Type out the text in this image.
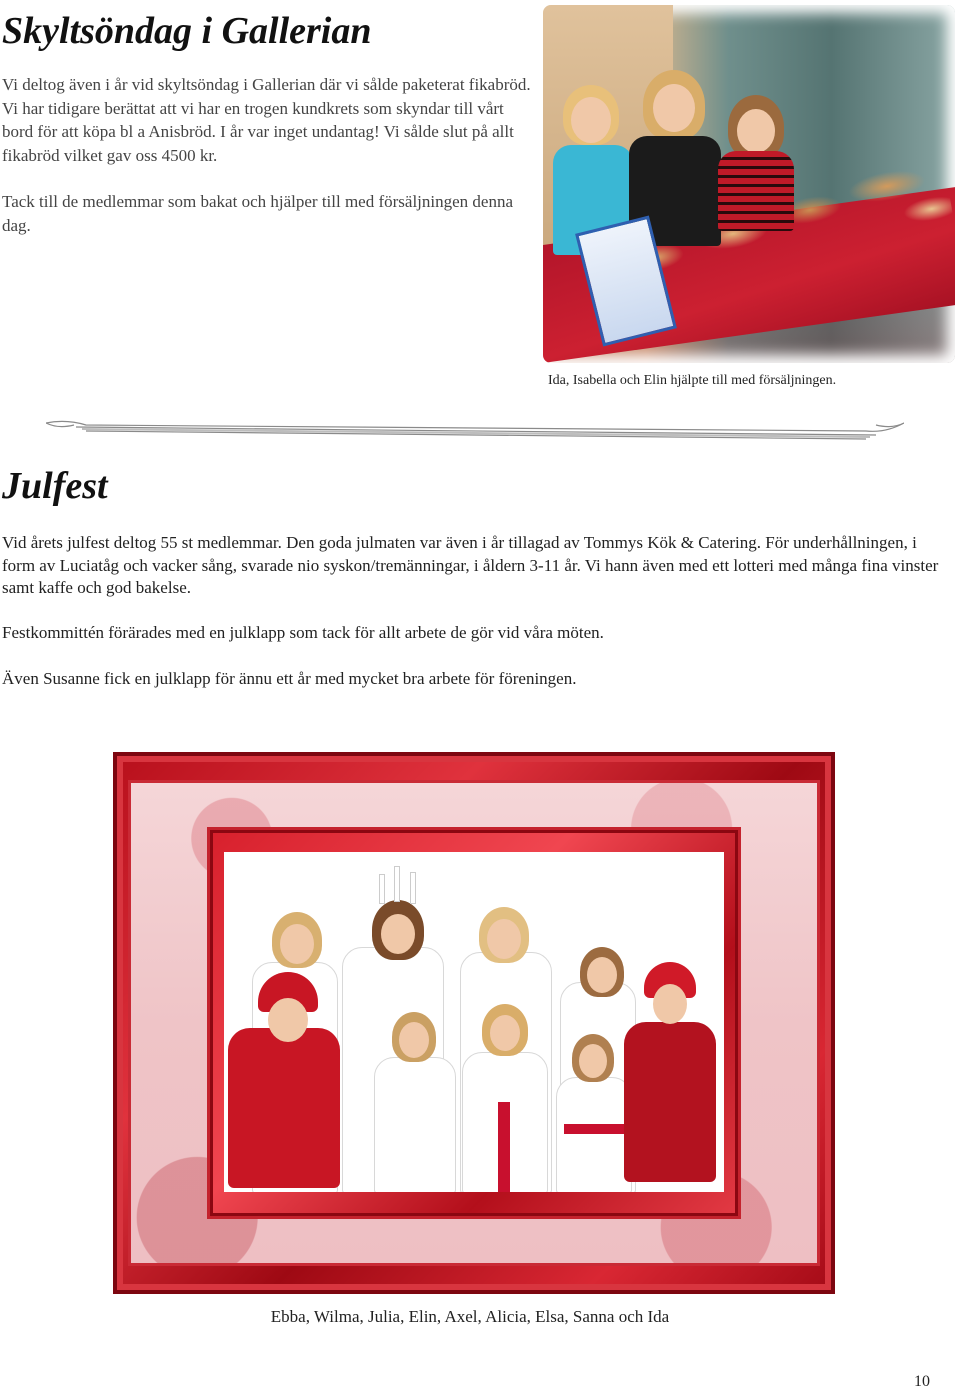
Skyltsöndag i Gallerian

Vi deltog även i år vid skyltsöndag i Gallerian där vi sålde paketerat fikabröd. Vi har tidigare berättat att vi har en trogen kundkrets som skyndar till vårt bord för att köpa bl a Anisbröd. I år var inget undantag! Vi sålde slut på allt fikabröd vilket gav oss 4500 kr.

Tack till de medlemmar som bakat och hjälper till med försäljningen denna dag.

Ida, Isabella och Elin hjälpte till med försäljningen.

Julfest

Vid årets julfest deltog 55 st medlemmar. Den goda julmaten var även i år tillagad av Tommys Kök & Catering. För underhållningen, i form av Luciatåg och vacker sång, svarade nio syskon/tremänningar, i åldern 3-11 år. Vi hann även med ett lotteri med många fina vinster samt kaffe och god bakelse.

Festkommittén förärades med en julklapp som tack för allt arbete de gör vid våra möten.

Även Susanne fick en julklapp för ännu ett år med mycket bra arbete för föreningen.

Ebba, Wilma, Julia, Elin, Axel, Alicia, Elsa, Sanna och Ida

10
